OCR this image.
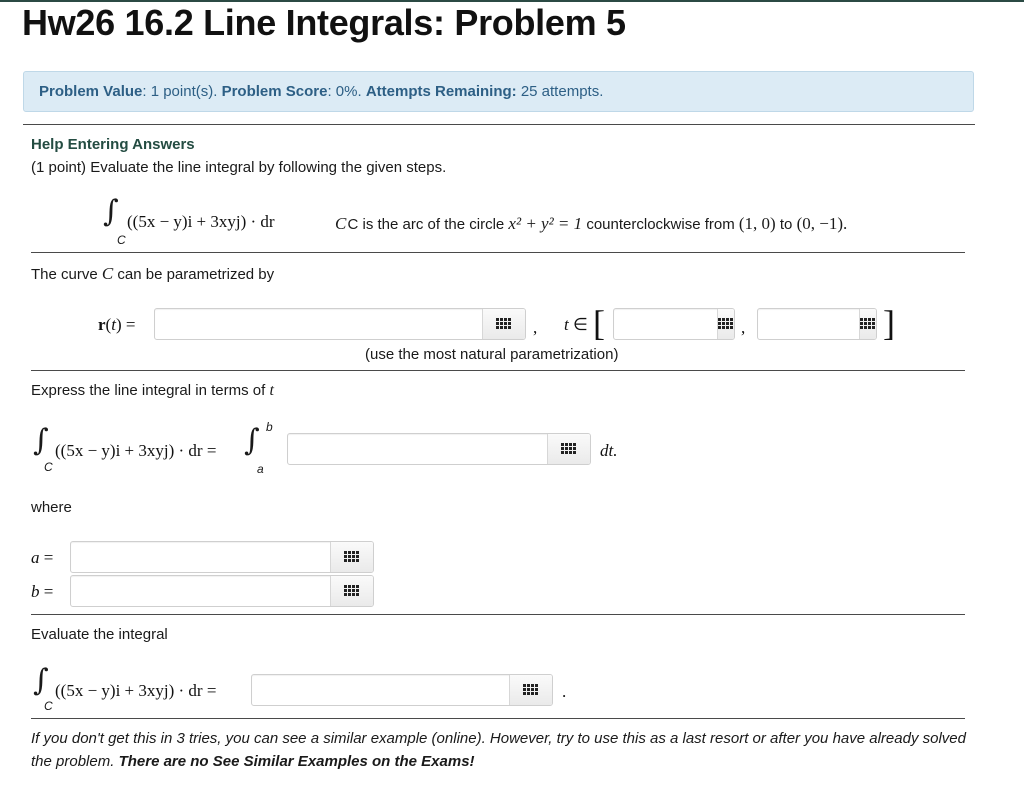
Hw26 16.2 Line Integrals: Problem 5
Problem Value: 1 point(s). Problem Score: 0%. Attempts Remaining: 25 attempts.
Help Entering Answers
(1 point) Evaluate the line integral by following the given steps.
∫
C
((5x − y)i + 3xyj) · dr	C C is the arc of the circle x² + y² = 1 counterclockwise from (1, 0) to (0, −1).
The curve C can be parametrized by
r(t) =	, t ∈ [	,	]
(use the most natural parametrization)
Express the line integral in terms of t
∫
C
((5x − y)i + 3xyj) · dr = ∫ b
a
dt.
where
a =
b =
Evaluate the integral
∫
C
((5x − y)i + 3xyj) · dr =	.
If you don't get this in 3 tries, you can see a similar example (online). However, try to use this as a last resort or after you have already solved the problem. There are no See Similar Examples on the Exams!
